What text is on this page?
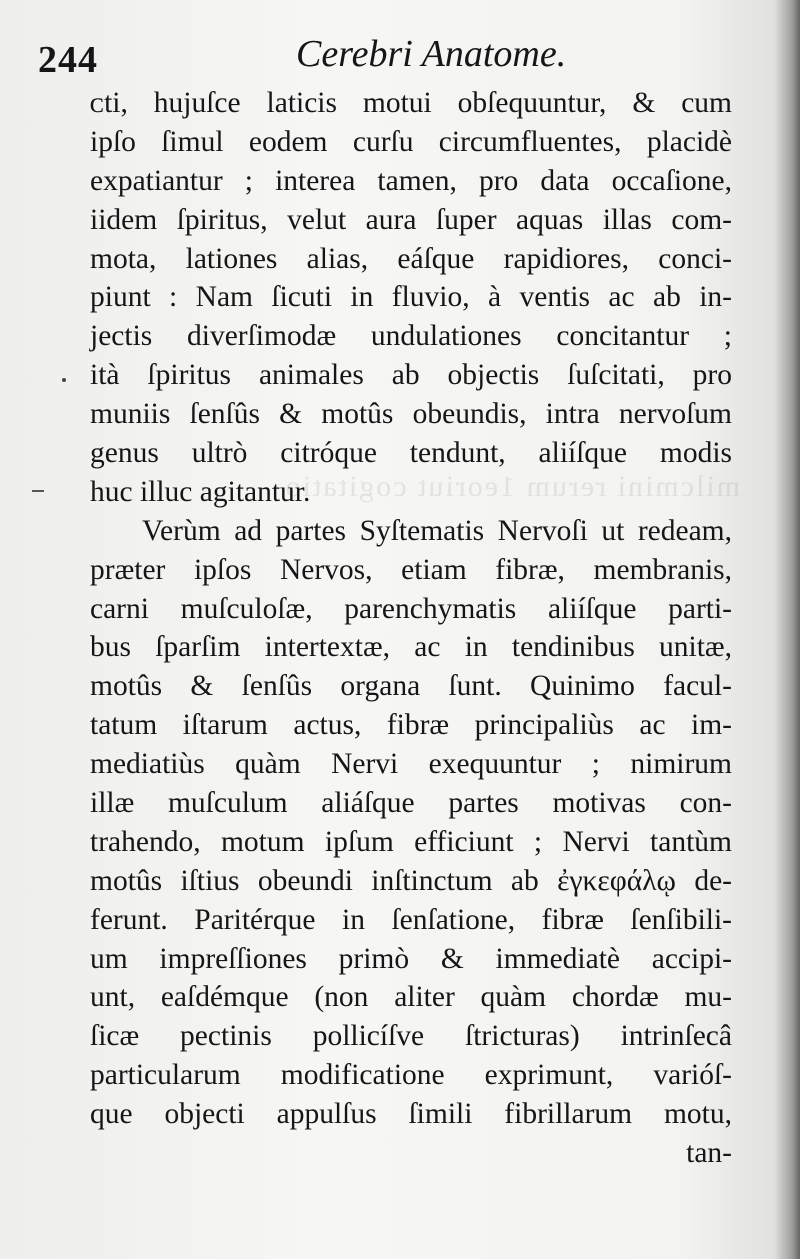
milcmini rerum 1eoriut cogitatio
244	Cerebri Anatome.
ᴄti, hujuſce laticis motui obſequuntur, & cum
ipſo ſimul eodem curſu circumfluentes, placidè
expatiantur ; interea tamen, pro data occaſione,
iidem ſpiritus, velut aura ſuper aquas illas com-
mota, lationes alias, eáſque rapidiores, conci-
piunt : Nam ſicuti in fluvio, à ventis ac ab in-
jectis diverſimodæ undulationes concitantur ;
ità ſpiritus animales ab objectis ſuſcitati, pro
muniis ſenſûs & motûs obeundis, intra nervoſum
genus ultrò citróque tendunt, aliíſque modis
huc illuc agitantur.
Verùm ad partes Syſtematis Nervoſi ut redeam,
præter ipſos Nervos, etiam fibræ, membranis,
carni muſculoſæ, parenchymatis aliíſque parti-
bus ſparſim intertextæ, ac in tendinibus unitæ,
motûs & ſenſûs organa ſunt. Quinimo facul-
tatum iſtarum actus, fibræ principaliùs ac im-
mediatiùs quàm Nervi exequuntur ; nimirum
illæ muſculum aliáſque partes motivas con-
trahendo, motum ipſum efficiunt ; Nervi tantùm
motûs iſtius obeundi inſtinctum ab ἐγκεφάλῳ de-
ferunt. Paritérque in ſenſatione, fibræ ſenſibili-
um impreſſiones primò & immediatè accipi-
unt, eaſdémque (non aliter quàm chordæ mu-
ſicæ pectinis pollicíſve ſtricturas) intrinſecâ
particularum modificatione exprimunt, varióſ-
que objecti appulſus ſimili fibrillarum motu,
tan-
